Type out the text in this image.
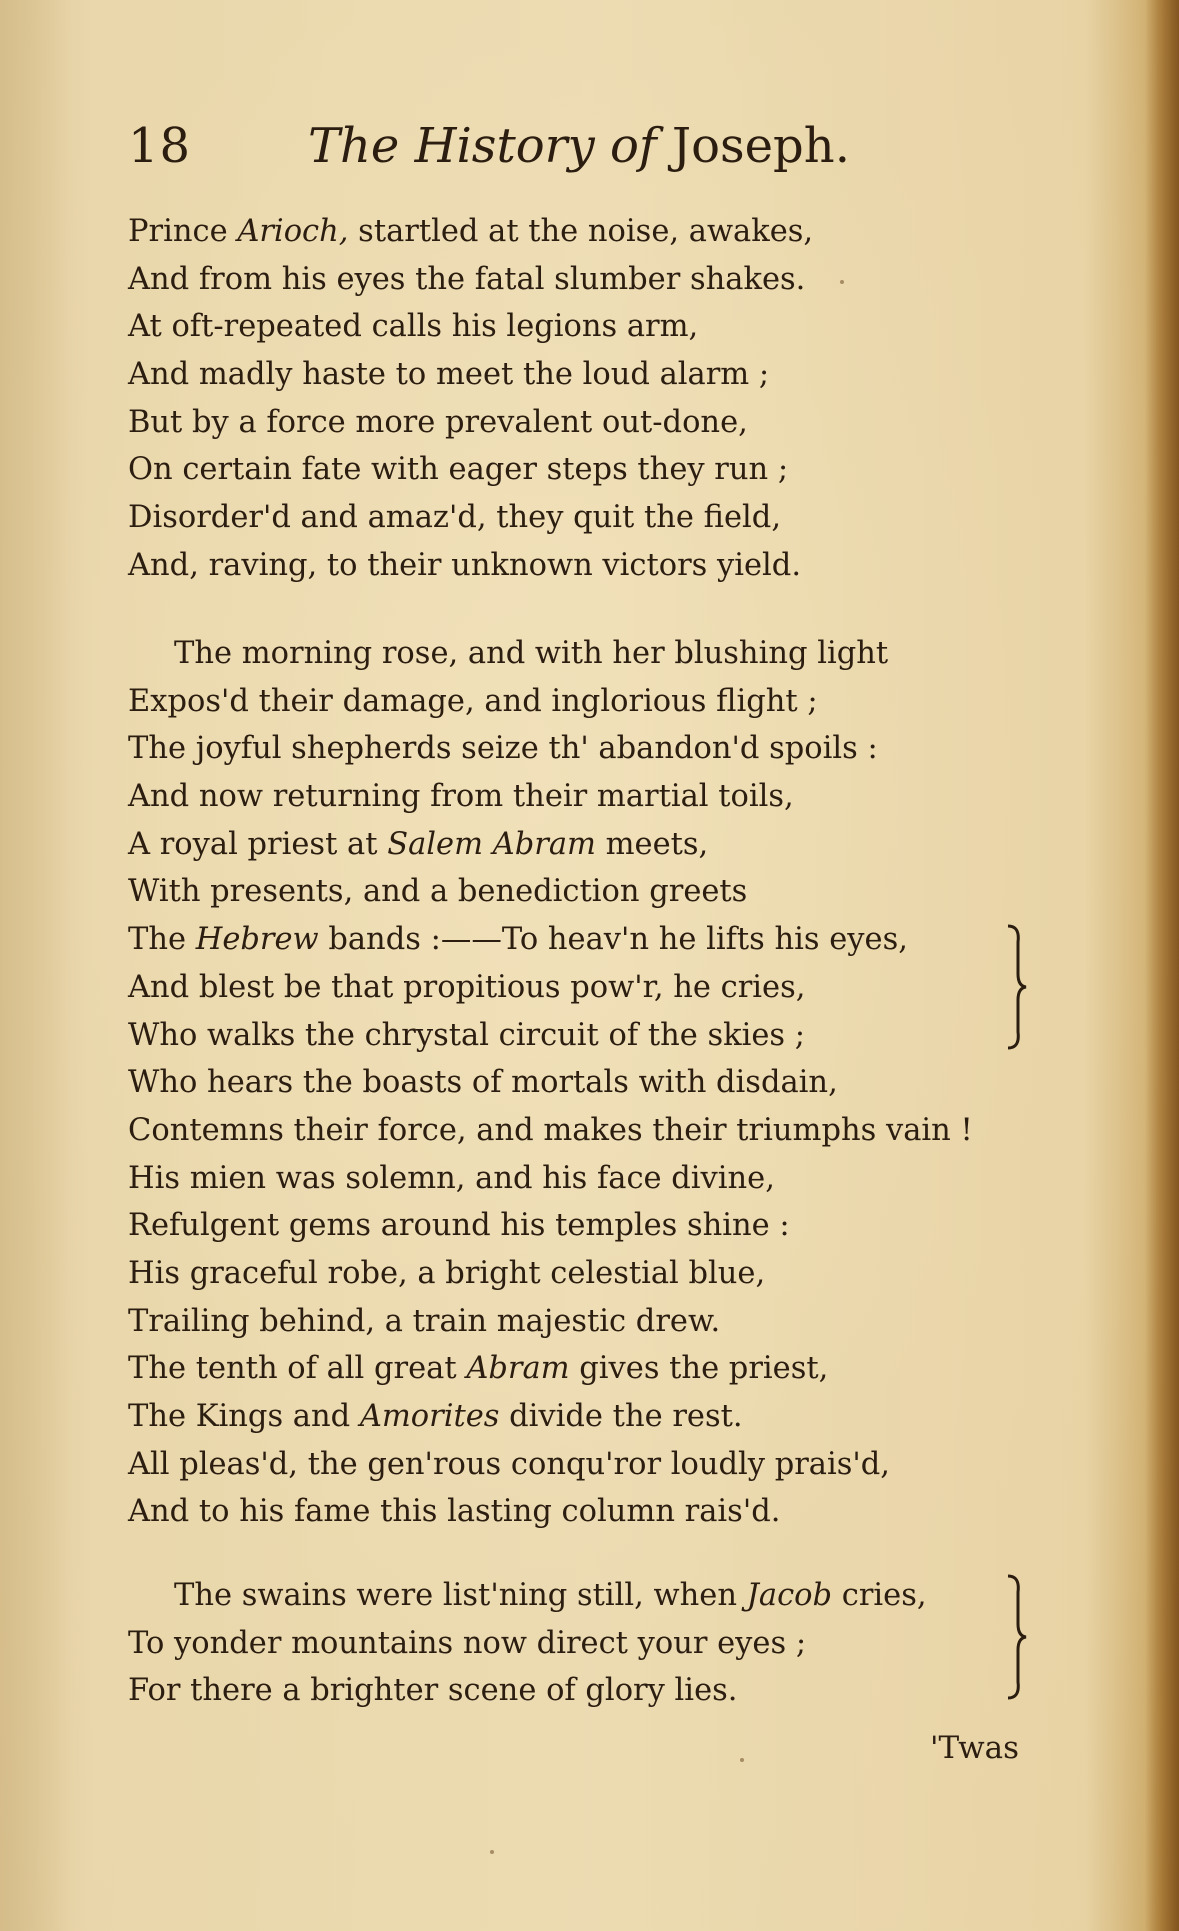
18 The History of Joseph.
Prince Arioch, startled at the noise, awakes,
And from his eyes the fatal slumber shakes.
At oft-repeated calls his legions arm,
And madly haste to meet the loud alarm ;
But by a force more prevalent out-done,
On certain fate with eager steps they run ;
Disorder'd and amaz'd, they quit the field,
And, raving, to their unknown victors yield.
The morning rose, and with her blushing light
Expos'd their damage, and inglorious flight ;
The joyful shepherds seize th' abandon'd spoils :
And now returning from their martial toils,
A royal priest at Salem Abram meets,
With presents, and a benediction greets
The Hebrew bands :——To heav'n he lifts his eyes,
And blest be that propitious pow'r, he cries,
Who walks the chrystal circuit of the skies ;
Who hears the boasts of mortals with disdain,
Contemns their force, and makes their triumphs vain !
His mien was solemn, and his face divine,
Refulgent gems around his temples shine :
His graceful robe, a bright celestial blue,
Trailing behind, a train majestic drew.
The tenth of all great Abram gives the priest,
The Kings and Amorites divide the rest.
All pleas'd, the gen'rous conqu'ror loudly prais'd,
And to his fame this lasting column rais'd.
The swains were list'ning still, when Jacob cries,
To yonder mountains now direct your eyes ;
For there a brighter scene of glory lies.
'Twas
